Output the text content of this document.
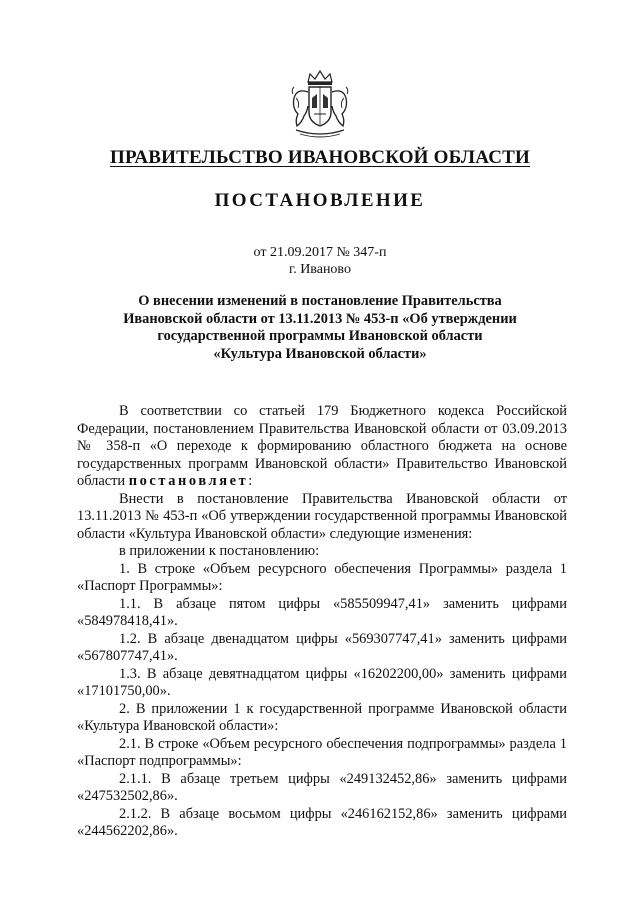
ПРАВИТЕЛЬСТВО ИВАНОВСКОЙ ОБЛАСТИ
ПОСТАНОВЛЕНИЕ
от 21.09.2017 № 347-п
г. Иваново
О внесении изменений в постановление Правительства
Ивановской области от 13.11.2013 № 453-п «Об утверждении
государственной программы Ивановской области
«Культура Ивановской области»

В соответствии со статьей 179 Бюджетного кодекса Российской Федерации, постановлением Правительства Ивановской области от 03.09.2013 № 358-п «О переходе к формированию областного бюджета на основе государственных программ Ивановской области» Правительство Ивановской области постановляет:

Внести в постановление Правительства Ивановской области от 13.11.2013 № 453-п «Об утверждении государственной программы Ивановской области «Культура Ивановской области» следующие изменения:

в приложении к постановлению:

1. В строке «Объем ресурсного обеспечения Программы» раздела 1 «Паспорт Программы»:

1.1. В абзаце пятом цифры «585509947,41» заменить цифрами «584978418,41».

1.2. В абзаце двенадцатом цифры «569307747,41» заменить цифрами «567807747,41».

1.3. В абзаце девятнадцатом цифры «16202200,00» заменить цифрами «17101750,00».

2. В приложении 1 к государственной программе Ивановской области «Культура Ивановской области»:

2.1. В строке «Объем ресурсного обеспечения подпрограммы» раздела 1 «Паспорт подпрограммы»:

2.1.1. В абзаце третьем цифры «249132452,86» заменить цифрами «247532502,86».

2.1.2. В абзаце восьмом цифры «246162152,86» заменить цифрами «244562202,86».
